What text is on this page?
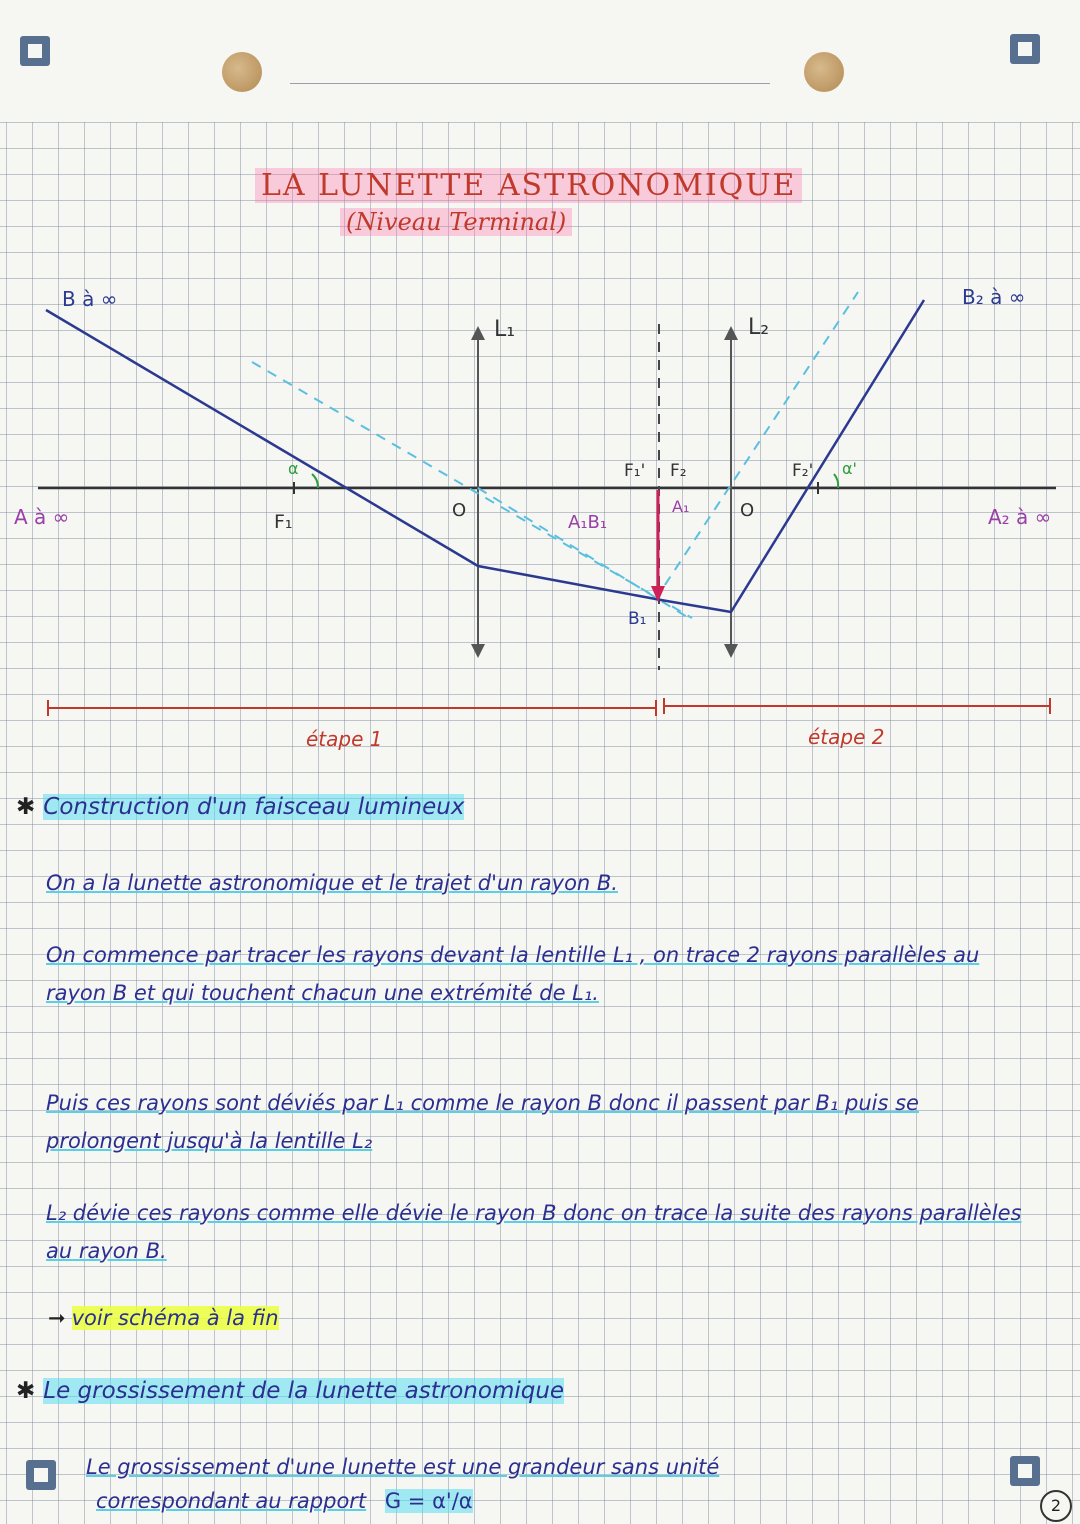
LA LUNETTE ASTRONOMIQUE
(Niveau Terminal)
B à ∞	B₂ à ∞
A à ∞	A₂ à ∞
L₁	L₂
O	O
F₁
F₁' F₂	F₂'
A₁B₁
A₁
B₁
α	α'
étape 1	étape 2
✱ Construction d'un faisceau lumineux
On a la lunette astronomique et le trajet d'un rayon B.
On commence par tracer les rayons devant la lentille L₁ , on trace 2 rayons parallèles au rayon B et qui touchent chacun une extrémité de L₁.
Puis ces rayons sont déviés par L₁ comme le rayon B donc il passent par B₁ puis se prolongent jusqu'à la lentille L₂
L₂ dévie ces rayons comme elle dévie le rayon B donc on trace la suite des rayons parallèles au rayon B.
➞ voir schéma à la fin
✱ Le grossissement de la lunette astronomique
Le grossissement d'une lunette est une grandeur sans unité
correspondant au rapport G = α'/α	2
